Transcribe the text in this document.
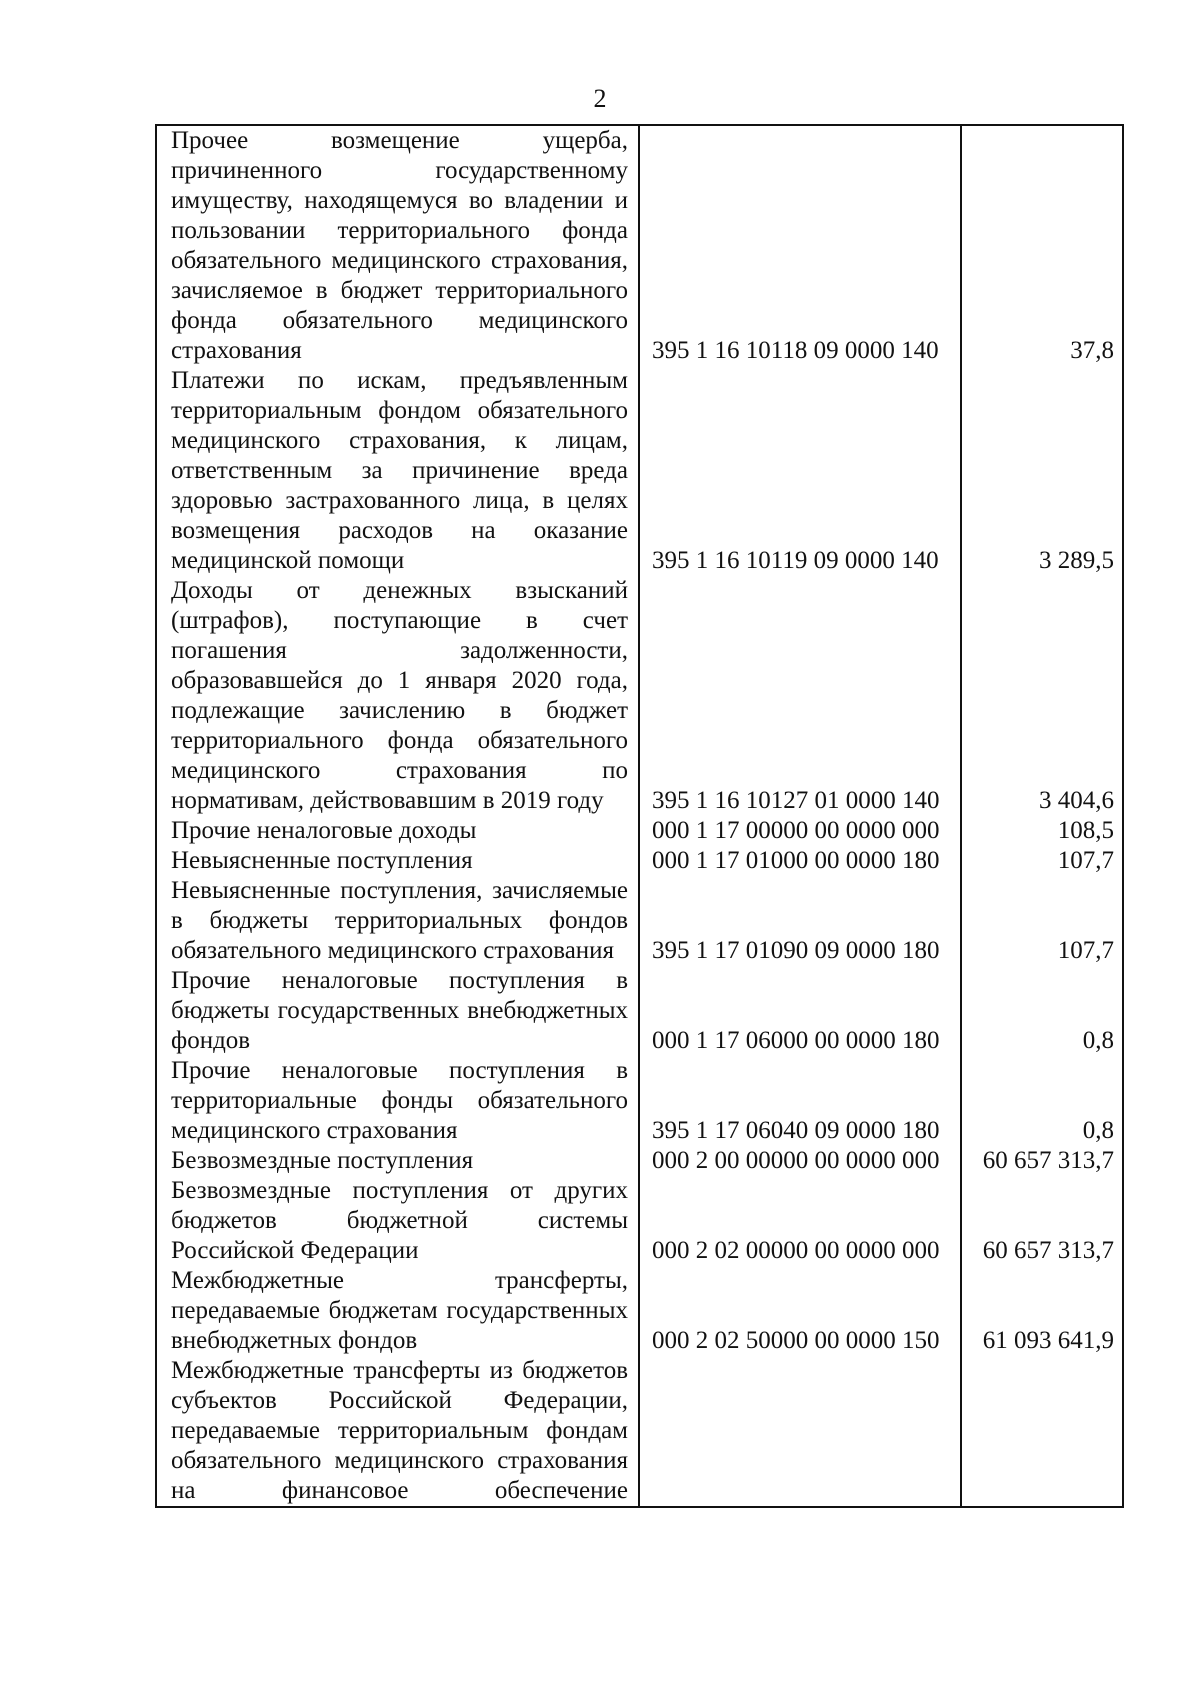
2
Прочее возмещение ущерба, причиненного государственному имуществу, находящемуся во владении и пользовании территориального фонда обязательного медицинского страхования, зачисляемое в бюджет территориального фонда обязательного медицинского страхования	395 1 16 10118 09 0000 140	37,8
Платежи по искам, предъявленным территориальным фондом обязательного медицинского страхования, к лицам, ответственным за причинение вреда здоровью застрахованного лица, в целях возмещения расходов на оказание медицинской помощи	395 1 16 10119 09 0000 140	3 289,5
Доходы от денежных взысканий (штрафов), поступающие в счет погашения задолженности, образовавшейся до 1 января 2020 года, подлежащие зачислению в бюджет территориального фонда обязательного медицинского страхования по нормативам, действовавшим в 2019 году	395 1 16 10127 01 0000 140	3 404,6
Прочие неналоговые доходы	000 1 17 00000 00 0000 000	108,5
Невыясненные поступления	000 1 17 01000 00 0000 180	107,7
Невыясненные поступления, зачисляемые в бюджеты территориальных фондов обязательного медицинского страхования	395 1 17 01090 09 0000 180	107,7
Прочие неналоговые поступления в бюджеты государственных внебюджетных фондов	000 1 17 06000 00 0000 180	0,8
Прочие неналоговые поступления в территориальные фонды обязательного медицинского страхования	395 1 17 06040 09 0000 180	0,8
Безвозмездные поступления	000 2 00 00000 00 0000 000	60 657 313,7
Безвозмездные поступления от других бюджетов бюджетной системы Российской Федерации	000 2 02 00000 00 0000 000	60 657 313,7
Межбюджетные трансферты, передаваемые бюджетам государственных внебюджетных фондов	000 2 02 50000 00 0000 150	61 093 641,9
Межбюджетные трансферты из бюджетов субъектов Российской Федерации, передаваемые территориальным фондам обязательного медицинского страхования на финансовое обеспечение		
